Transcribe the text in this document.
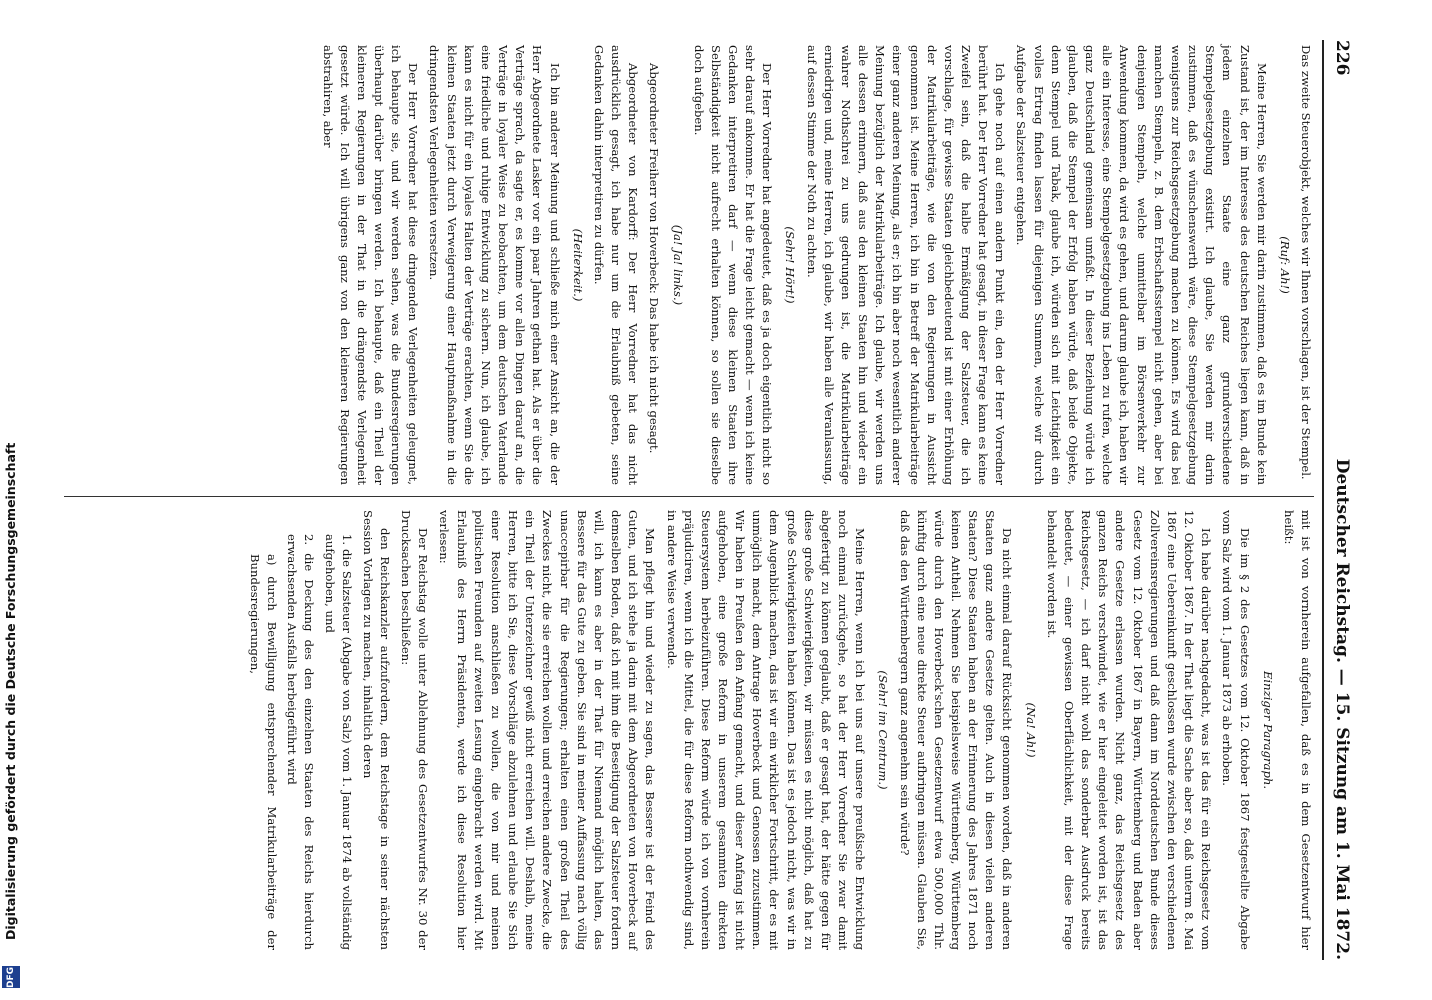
Digitalisierung gefördert durch die Deutsche Forschungsgemeinschaft
DFG
226
Deutscher Reichstag. — 15. Sitzung am 1. Mai 1872.

Das zweite Steuerobjekt, welches wir Ihnen vorschlagen, ist der Stempel.

(Ruf: Ah!)

Meine Herren, Sie werden mir darin zustimmen, daß es im Bunde kein Zustand ist, der im Interesse des deutschen Reiches liegen kann, daß in jedem einzelnen Staate eine ganz grundverschiedene Stempelgesetzgebung existirt. Ich glaube, Sie werden mir darin zustimmen, daß es wünschenswerth wäre, diese Stempelgesetzgebung wenigstens zur Reichsgesetzgebung machen zu können. Es wird das bei manchen Stempeln, z. B. dem Erbschaftsstempel nicht gehen, aber bei denjenigen Stempeln, welche unmittelbar im Börsenverkehr zur Anwendung kommen, da wird es gehen, und darum glaube ich, haben wir alle ein Interesse, eine Stempelgesetzgebung ins Leben zu rufen, welche ganz Deutschland gemeinsam umfaßt. In dieser Beziehung würde ich glauben, daß die Stempel der Erfolg haben würde, daß beide Objekte, denn Stempel und Tabak, glaube ich, würden sich mit Leichtigkeit ein volles Ertrag finden lassen für diejenigen Summen, welche wir durch Aufgabe der Salzsteuer entgehen.

Ich gehe noch auf einen andern Punkt ein, den der Herr Vorredner berührt hat. Der Herr Vorredner hat gesagt, in dieser Frage kann es keine Zweifel sein, daß die halbe Ermäßigung der Salzsteuer, die ich vorschlage, für gewisse Staaten gleichbedeutend ist mit einer Erhöhung der Matrikularbeiträge, wie die von den Regierungen in Aussicht genommen ist. Meine Herren, ich bin in Betreff der Matrikularbeiträge einer ganz anderen Meinung, als er; ich bin aber noch wesentlich anderer Meinung bezüglich der Matrikularbeiträge. Ich glaube, wir werden uns alle dessen erinnern, daß aus den kleinen Staaten hin und wieder ein wahrer Nothschrei zu uns gedrungen ist, die Matrikularbeiträge erniedrigen und, meine Herren, ich glaube, wir haben alle Veranlassung, auf dessen Stimme der Noth zu achten.

(Sehr! Hört!)

Der Herr Vorredner hat angedeutet, daß es ja doch eigentlich nicht so sehr darauf ankomme. Er hat die Frage leicht gemacht — wenn ich keine Gedanken interpretiren darf — wenn diese kleinen Staaten ihre Selbständigkeit nicht aufrecht erhalten können, so sollen sie dieselbe doch aufgeben.

(Ja! Ja! links.)

Abgeordneter Freiherr von Hoverbeck: Das habe ich nicht gesagt.

Abgeordneter von Kardorff: Der Herr Vorredner hat das nicht ausdrücklich gesagt, ich habe nur um die Erlaubniß gebeten, seine Gedanken dahin interpretiren zu dürfen.

(Heiterkeit.)

Ich bin anderer Meinung und schließe mich einer Ansicht an, die der Herr Abgeordnete Lasker vor ein paar Jahren gethan hat. Als er über die Verträge sprach, da sagte er, es komme vor allen Dingen darauf an, die Verträge in loyaler Weise zu beobachten, um dem deutschen Vaterlande eine friedliche und ruhige Entwicklung zu sichern. Nun, ich glaube, ich kann es nicht für ein loyales Halten der Verträge erachten, wenn Sie die kleinen Staaten jetzt durch Verweigerung einer Hauptmaßnahme in die dringendsten Verlegenheiten versetzen.

Der Herr Vorredner hat diese dringenden Verlegenheiten geleugnet, ich behaupte sie, und wir werden sehen, was die Bundesregierungen überhaupt darüber bringen werden. Ich behaupte, daß ein Theil der kleineren Regierungen in der That in die drängendste Verlegenheit gesetzt würde. Ich will übrigens ganz von den kleineren Regierungen abstrahiren, aber

mit ist von vornherein aufgefallen, daß es in dem Gesetzentwurf hier heißt:

Einziger Paragraph.

Die im § 2 des Gesetzes vom 12. Oktober 1867 festgestellte Abgabe vom Salz wird vom 1. Januar 1873 ab erhoben.

Ich habe darüber nachgedacht, was ist das für ein Reichsgesetz vom 12. Oktober 1867. In der That liegt die Sache aber so, daß unterm 8. Mai 1867 eine Uebereinkunft geschlossen wurde zwischen den verschiedenen Zollvereinsregierungen und daß dann im Norddeutschen Bunde dieses Gesetz vom 12. Oktober 1867 in Bayern, Württemberg und Baden aber andere Gesetze erlassen wurden. Nicht ganz, das Reichsgesetz des ganzen Reichs verschwindet, wie er hier eingeleitet worden ist, ist das Reichsgesetz, — ich darf nicht wohl das sonderbar Ausdruck bereits bedeutet, — einer gewissen Oberflächlichkeit, mit der diese Frage behandelt worden ist.

(Na! Ah!)

Da nicht einmal darauf Rücksicht genommen worden, daß in anderen Staaten ganz andere Gesetze gelten. Auch in diesen vielen anderen Staaten? Diese Staaten haben an der Erinnerung des Jahres 1871 noch keinen Antheil. Nehmen Sie beispielsweise Württemberg, Württemberg würde durch den Hoverbeck'schen Gesetzentwurf etwa 500,000 Thlr. künftig durch eine neue direkte Steuer aufbringen müssen. Glauben Sie, daß das den Württembergern ganz angenehm sein würde?

(Sehr! im Centrum.)

Meine Herren, wenn ich bei uns auf unsere preußische Entwicklung noch einmal zurückgehe, so hat der Herr Vorredner Sie zwar damit abgefertigt zu können geglaubt, daß er gesagt hat, der hätte gegen für diese große Schwierigkeiten, wir müssen es nicht möglich, daß hat zu große Schwierigkeiten haben können. Das ist es jedoch nicht, was wir in dem Augenblick machen, das ist wir ein wirklicher Fortschritt, der es mit unmöglich macht, dem Antrage Hoverbeck und Genossen zuzustimmen. Wir haben in Preußen den Anfang gemacht, und dieser Anfang ist nicht aufgehoben, eine große Reform in unserem gesammten direkten Steuersystem herbeizuführen. Diese Reform würde ich von vornherein präjudiciren, wenn ich die Mittel, die für diese Reform nothwendig sind, in andere Weise verwende.

Man pflegt hin und wieder zu sagen, das Bessere ist der Feind des Guten, und ich stehe ja darin mit dem Abgeordneten von Hoverbeck auf demselben Boden, daß ich mit ihm die Beseitigung der Salzsteuer fordern will, ich kann es aber in der That für Niemand möglich halten, das Bessere für das Gute zu geben. Sie sind in meiner Auffassung nach völlig unaccepirbar für die Regierungen; erhalten einen großen Theil des Zweckes nicht, die sie erreichen wollen und erreichen andere Zwecke, die ein Theil der Unterzeichner gewiß nicht erreichen will. Deshalb, meine Herren, bitte ich Sie, diese Vorschläge abzulehnen und erlaube Sie Sich einer Resolution anschließen zu wollen, die von mir und meinen politischen Freunden auf zweiten Lesung eingebracht werden wird. Mit Erlaubniß des Herrn Präsidenten, werde ich diese Resolution hier verlesen:

Der Reichstag wolle unter Ablehnung des Gesetzentwurfes Nr. 30 der Drucksachen beschließen:

den Reichskanzler aufzufordern, dem Reichstage in seiner nächsten Session Vorlagen zu machen, inhaltlich deren

1. die Salzsteuer (Abgabe von Salz) vom 1. Januar 1874 ab vollständig aufgehoben, und

2. die Deckung des den einzelnen Staaten des Reichs hierdurch erwachsenden Ausfalls herbeigeführt wird

a) durch Bewilligung entsprechender Matrikularbeiträge der Bundesregierungen,
